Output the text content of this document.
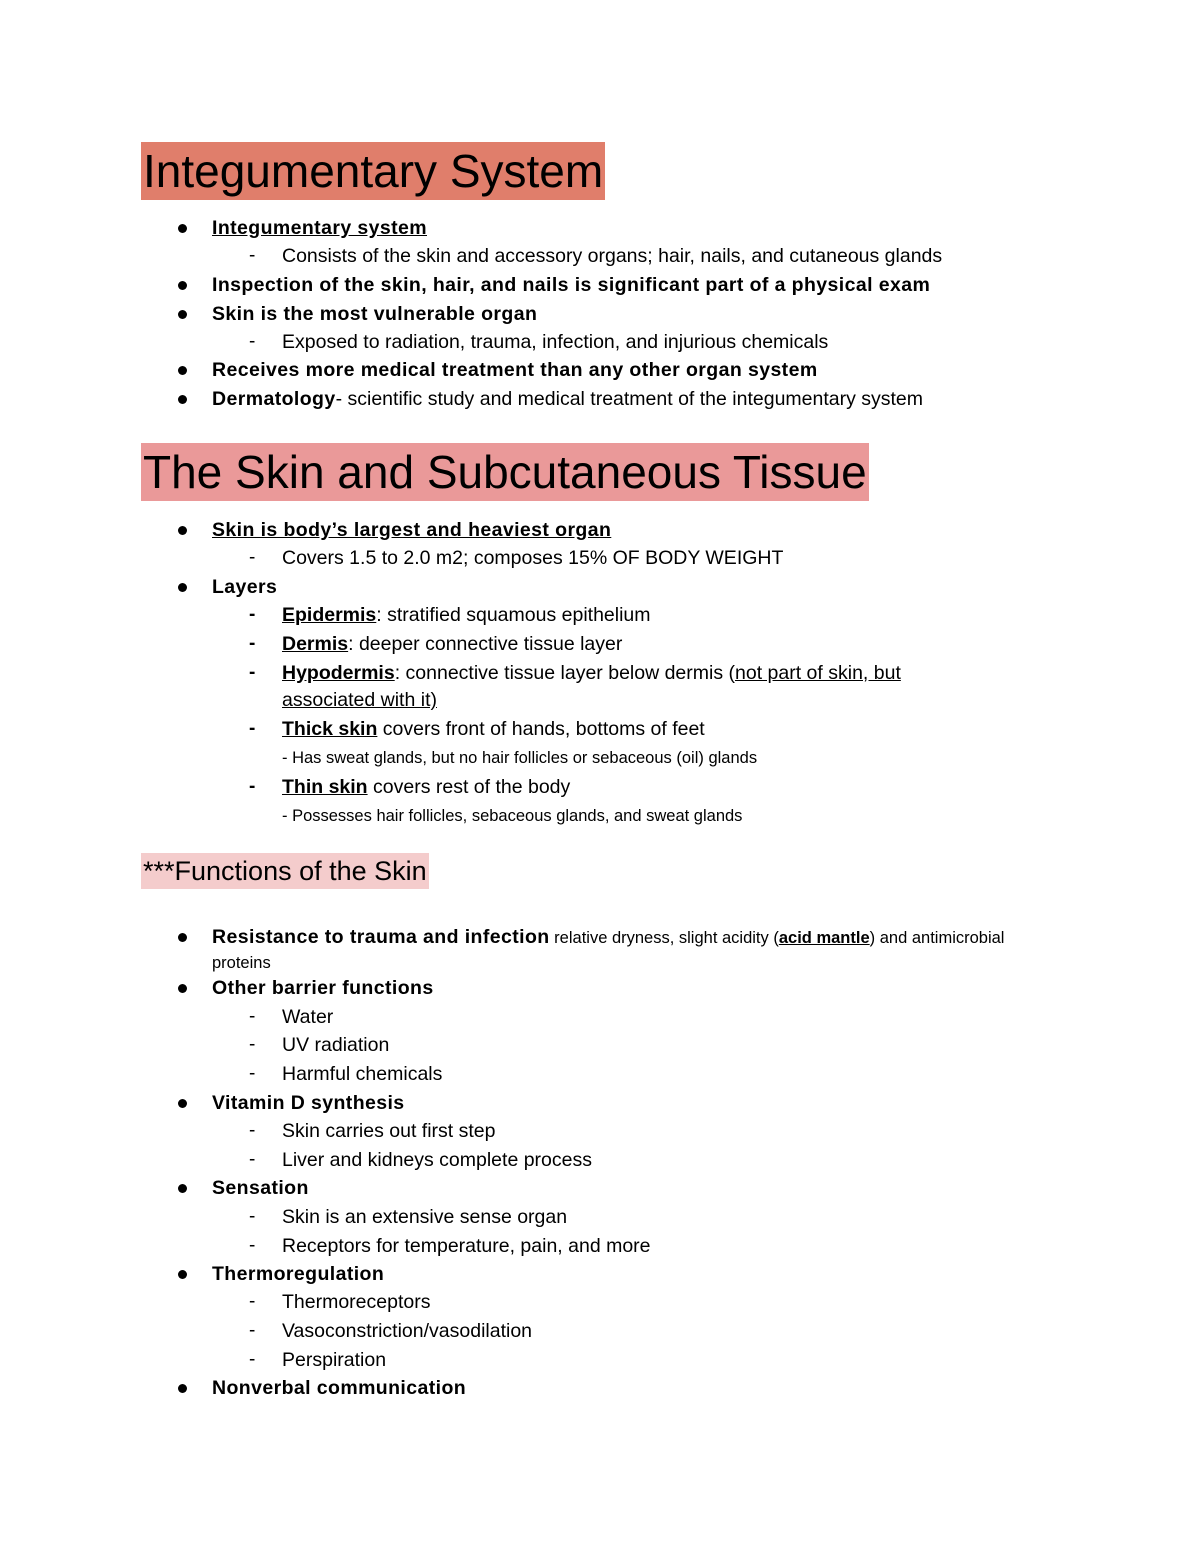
Integumentary System
Integumentary system
- Consists of the skin and accessory organs; hair, nails, and cutaneous glands
Inspection of the skin, hair, and nails is significant part of a physical exam
Skin is the most vulnerable organ
- Exposed to radiation, trauma, infection, and injurious chemicals
Receives more medical treatment than any other organ system
Dermatology- scientific study and medical treatment of the integumentary system
The Skin and Subcutaneous Tissue
Skin is body’s largest and heaviest organ
- Covers 1.5 to 2.0 m2; composes 15% OF BODY WEIGHT
Layers
- Epidermis: stratified squamous epithelium
- Dermis: deeper connective tissue layer
- Hypodermis: connective tissue layer below dermis (not part of skin, but
associated with it)
- Thick skin covers front of hands, bottoms of feet
- Has sweat glands, but no hair follicles or sebaceous (oil) glands
- Thin skin covers rest of the body
- Possesses hair follicles, sebaceous glands, and sweat glands
***Functions of the Skin
Resistance to trauma and infection relative dryness, slight acidity (acid mantle) and antimicrobial
proteins
Other barrier functions
- Water
- UV radiation
- Harmful chemicals
Vitamin D synthesis
- Skin carries out first step
- Liver and kidneys complete process
Sensation
- Skin is an extensive sense organ
- Receptors for temperature, pain, and more
Thermoregulation
- Thermoreceptors
- Vasoconstriction/vasodilation
- Perspiration
Nonverbal communication
